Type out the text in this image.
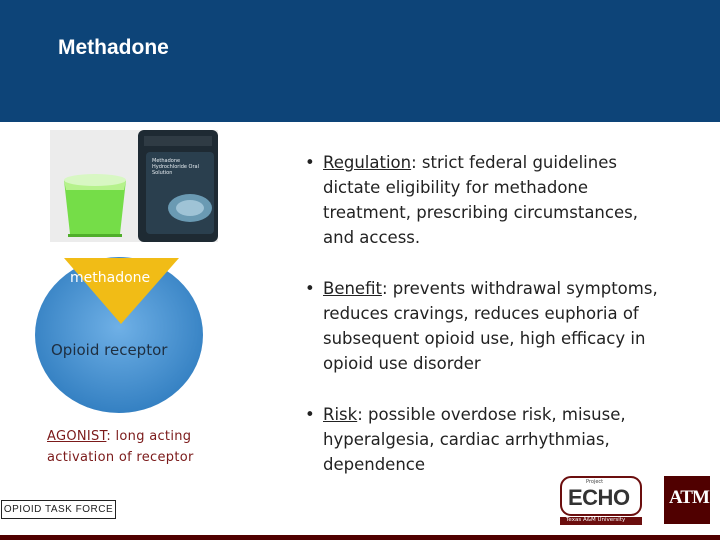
Methadone
Methadone Hydrochloride Oral Solution
methadone
Opioid receptor
AGONIST: long acting activation of receptor
• Regulation: strict federal guidelines dictate eligibility for methadone treatment, prescribing circumstances, and access.
• Benefit: prevents withdrawal symptoms, reduces cravings, reduces euphoria of subsequent opioid use, high efficacy in opioid use disorder
• Risk: possible overdose risk, misuse, hyperalgesia, cardiac arrhythmias, dependence
OPIOID TASK FORCE
Project
ECHO
Texas A&M University
ATM
